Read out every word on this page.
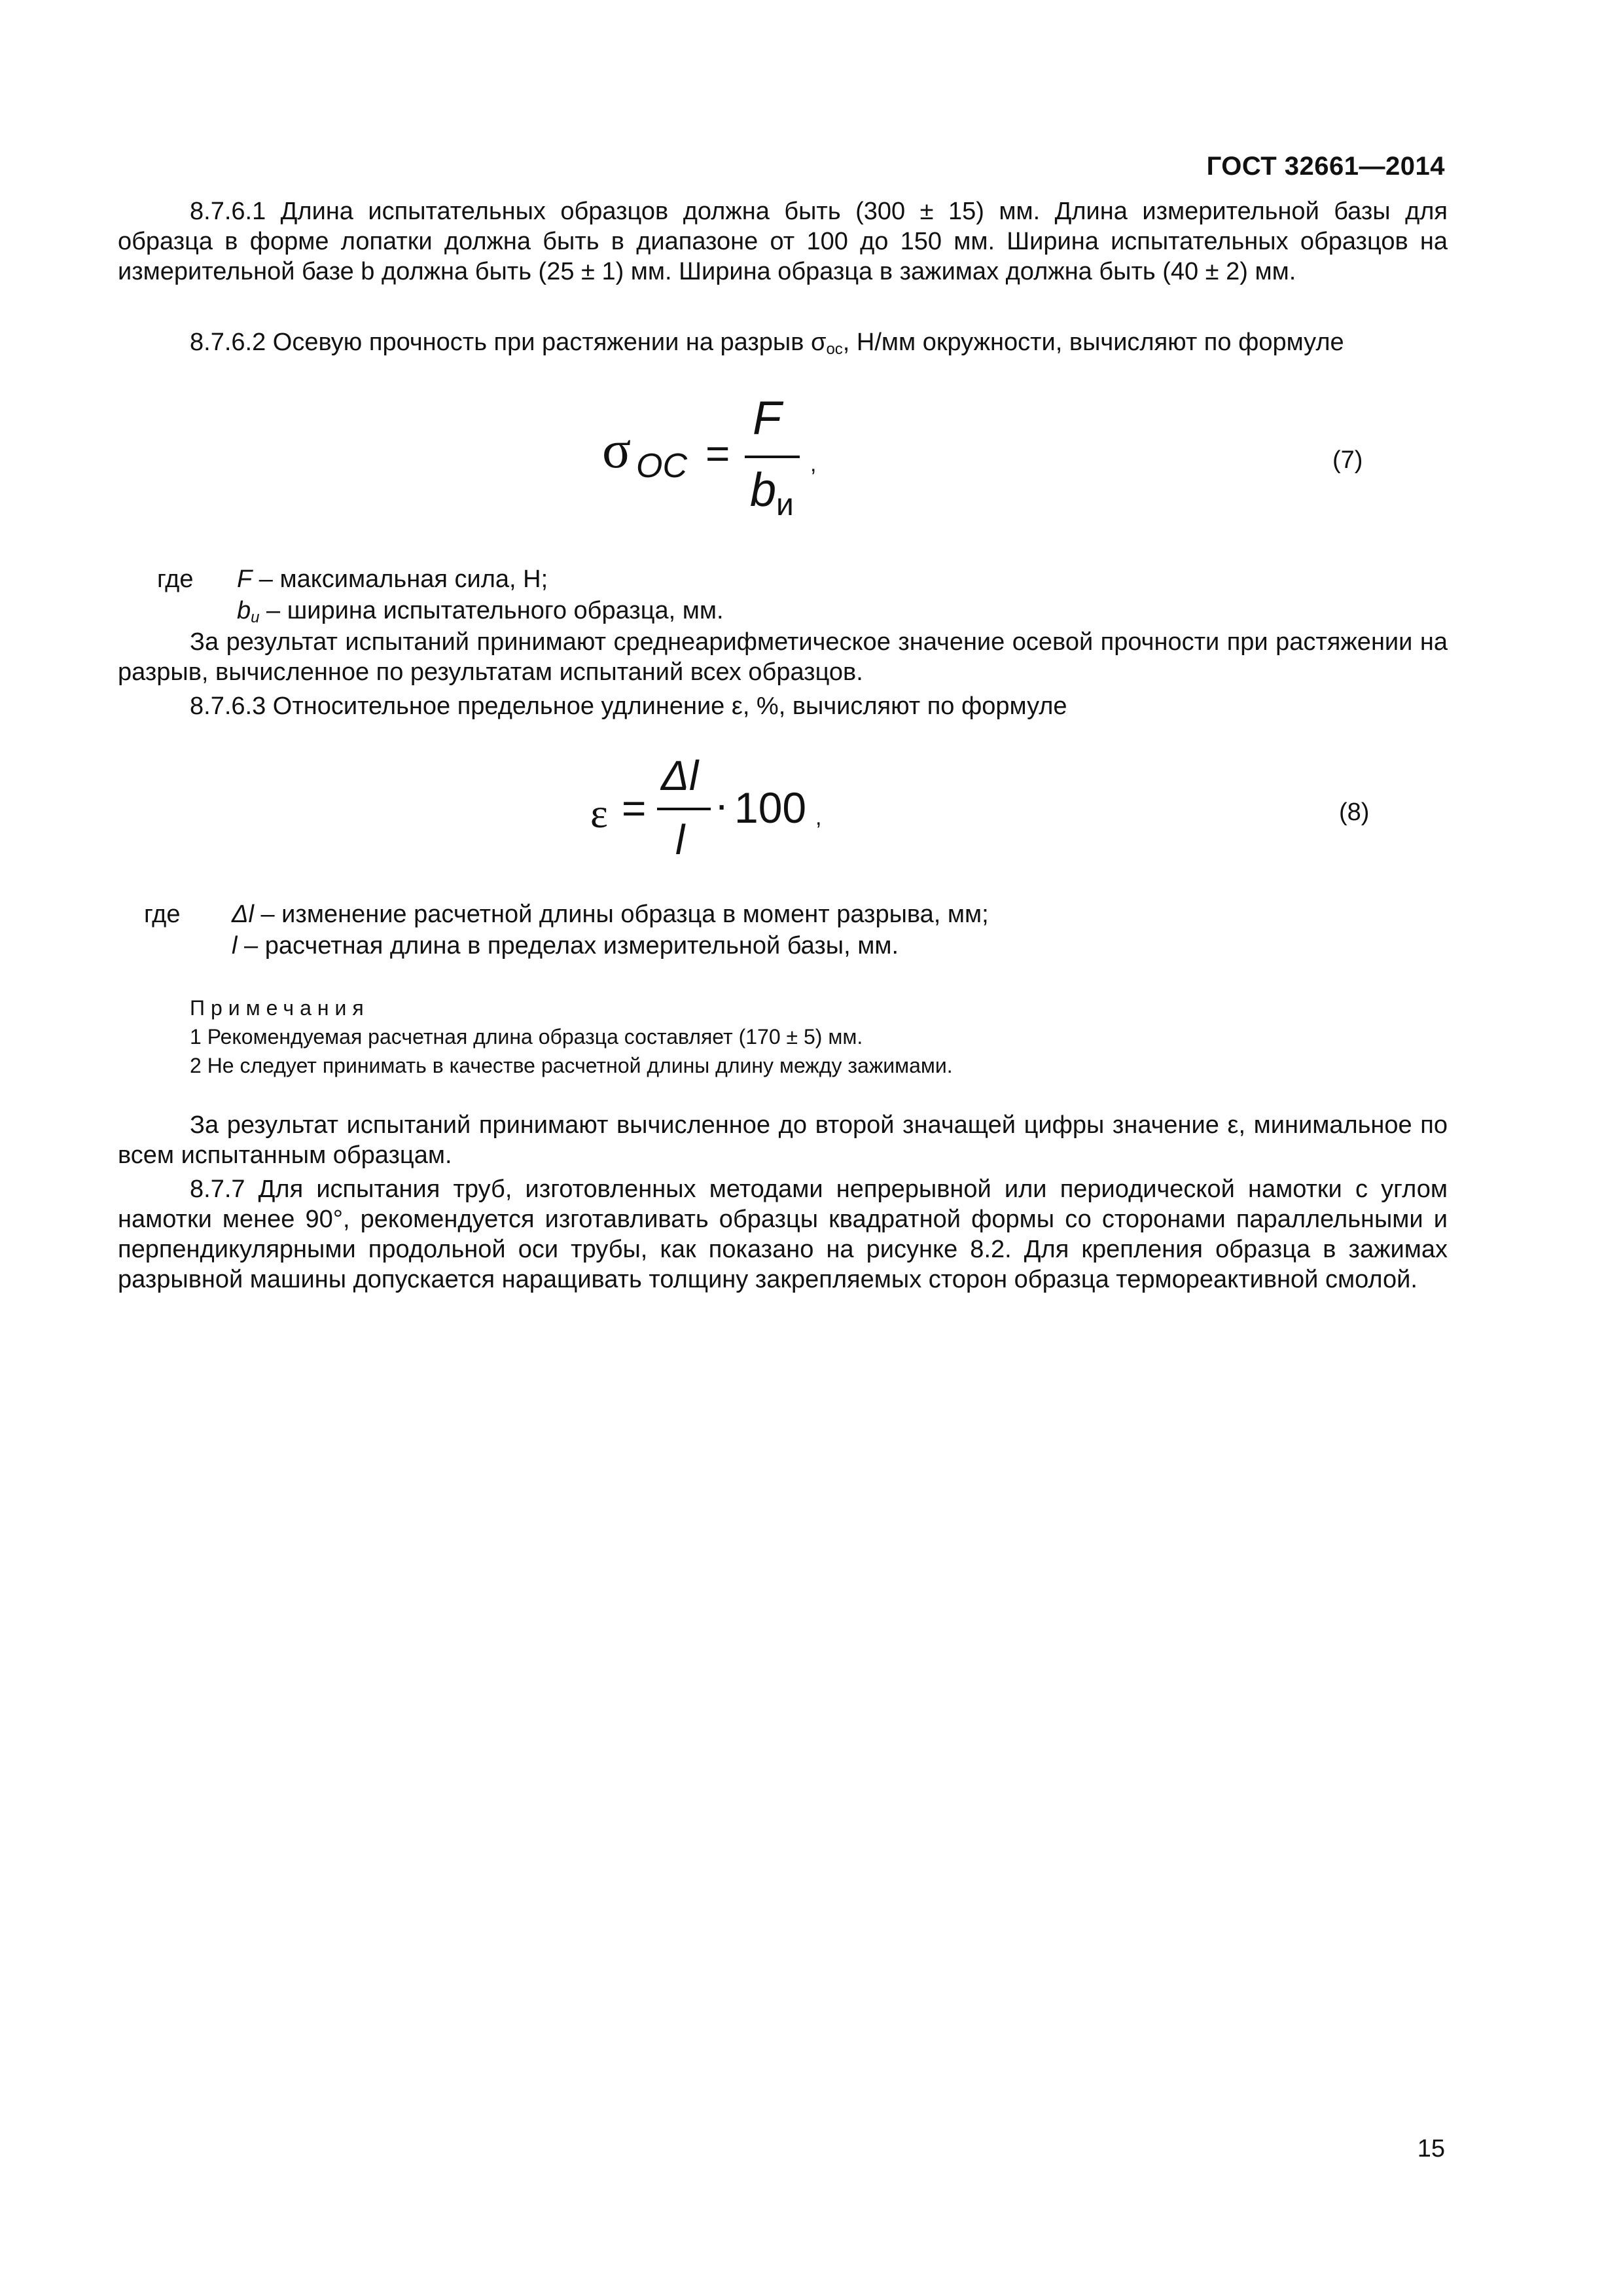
ГОСТ 32661—2014
8.7.6.1 Длина испытательных образцов должна быть (300 ± 15) мм. Длина измерительной базы для образца в форме лопатки должна быть в диапазоне от 100 до 150 мм. Ширина испытательных образцов на измерительной базе b должна быть (25 ± 1) мм. Ширина образца в зажимах должна быть (40 ± 2) мм.
8.7.6.2 Осевую прочность при растяжении на разрыв $\sigma_{ос}$, Н/мм окружности, вычисляют по формуле
σ ОС =
F
b и
,	(7)
где F – максимальная сила, Н;
$b_u$ – ширина испытательного образца, мм.
За результат испытаний принимают среднеарифметическое значение осевой прочности при растяжении на разрыв, вычисленное по результатам испытаний всех образцов.
8.7.6.3 Относительное предельное удлинение ε, %, вычисляют по формуле
ε =
Δl
l
· 100 ,	(8)
где Δl – изменение расчетной длины образца в момент разрыва, мм;
l – расчетная длина в пределах измерительной базы, мм.
Примечания
1 Рекомендуемая расчетная длина образца составляет (170 ± 5) мм.
2 Не следует принимать в качестве расчетной длины длину между зажимами.
За результат испытаний принимают вычисленное до второй значащей цифры значение ε, минимальное по всем испытанным образцам.
8.7.7 Для испытания труб, изготовленных методами непрерывной или периодической намотки с углом намотки менее 90°, рекомендуется изготавливать образцы квадратной формы со сторонами параллельными и перпендикулярными продольной оси трубы, как показано на рисунке 8.2. Для крепления образца в зажимах разрывной машины допускается наращивать толщину закрепляемых сторон образца термореактивной смолой.
15
